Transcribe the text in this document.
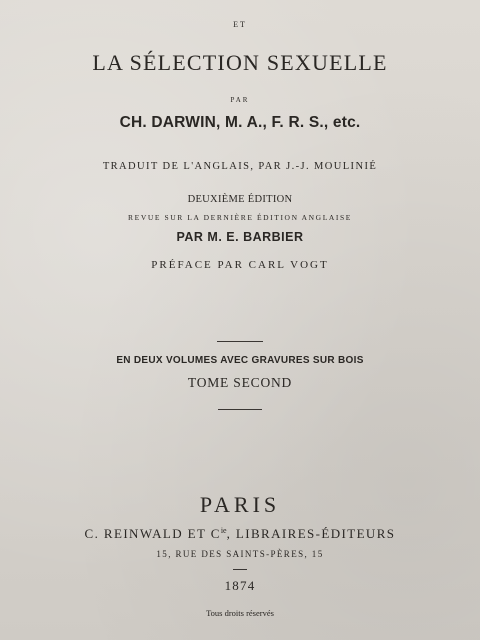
ET
LA SÉLECTION SEXUELLE
PAR
CH. DARWIN, M. A., F. R. S., etc.
TRADUIT DE L'ANGLAIS, PAR J.-J. MOULINIÉ
DEUXIÈME ÉDITION
REVUE SUR LA DERNIÈRE ÉDITION ANGLAISE
PAR M. E. BARBIER
PRÉFACE PAR CARL VOGT
EN DEUX VOLUMES AVEC GRAVURES SUR BOIS
TOME SECOND
PARIS
C. REINWALD ET $C^{ie}$, LIBRAIRES-ÉDITEURS
15, RUE DES SAINTS-PÈRES, 15
1874
Tous droits réservés
